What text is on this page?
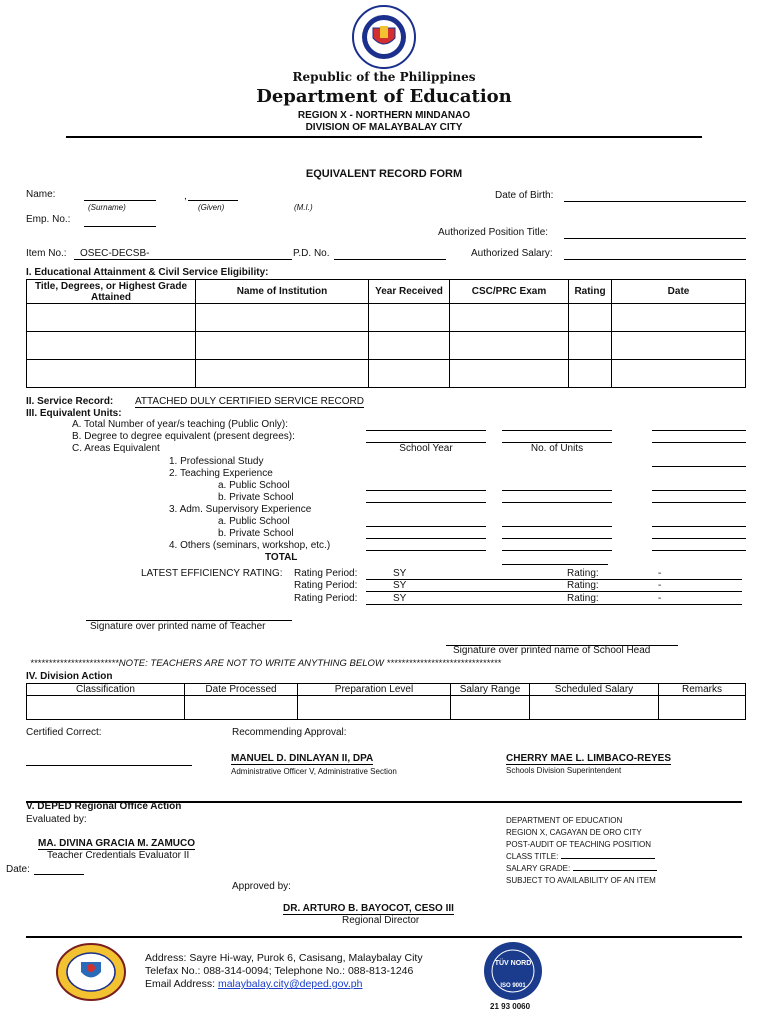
Republic of the Philippines
Department of Education
REGION X - NORTHERN MINDANAO
DIVISION OF MALAYBALAY CITY
EQUIVALENT RECORD FORM
Name:	,
(Surname)	(Given)	(M.I.)
Emp. No.:
Date of Birth:
Authorized Position Title:
Item No.: OSEC-DECSB-	P.D. No.	Authorized Salary:
I. Educational Attainment & Civil Service Eligibility:
Title, Degrees, or Highest Grade Attained	Name of Institution	Year Received	CSC/PRC Exam	Rating	Date

II. Service Record: ATTACHED DULY CERTIFIED SERVICE RECORD
III. Equivalent Units:
A. Total Number of year/s teaching (Public Only):
B. Degree to degree equivalent (present degrees):
C. Areas Equivalent	School Year	No. of Units
1. Professional Study
2. Teaching Experience
a. Public School
b. Private School
3. Adm. Supervisory Experience
a. Public School
b. Private School
4. Others (seminars, workshop, etc.)
TOTAL
LATEST EFFICIENCY RATING: Rating Period:	SY	Rating:	-
Rating Period:	SY	Rating:	-
Rating Period:	SY	Rating:	-
Signature over printed name of Teacher
Signature over printed name of School Head
************************NOTE: TEACHERS ARE NOT TO WRITE ANYTHING BELOW *******************************
IV. Division Action
Classification	Date Processed	Preparation Level	Salary Range	Scheduled Salary	Remarks

Certified Correct:	Recommending Approval:
MANUEL D. DINLAYAN II, DPA
Administrative Officer V, Administrative Section
CHERRY MAE L. LIMBACO-REYES
Schools Division Superintendent
V. DEPED Regional Office Action
Evaluated by:
MA. DIVINA GRACIA M. ZAMUCO
Teacher Credentials Evaluator II
Date:
Approved by:
DR. ARTURO B. BAYOCOT, CESO III
Regional Director
DEPARTMENT OF EDUCATION
REGION X, CAGAYAN DE ORO CITY
POST-AUDIT OF TEACHING POSITION
CLASS TITLE:
SALARY GRADE:
SUBJECT TO AVAILABILITY OF AN ITEM
Address: Sayre Hi-way, Purok 6, Casisang, Malaybalay City
Telefax No.: 088-314-0094; Telephone No.: 088-813-1246
Email Address: malaybalay.city@deped.gov.ph
TÜV NORD
ISO 9001
21 93 0060
